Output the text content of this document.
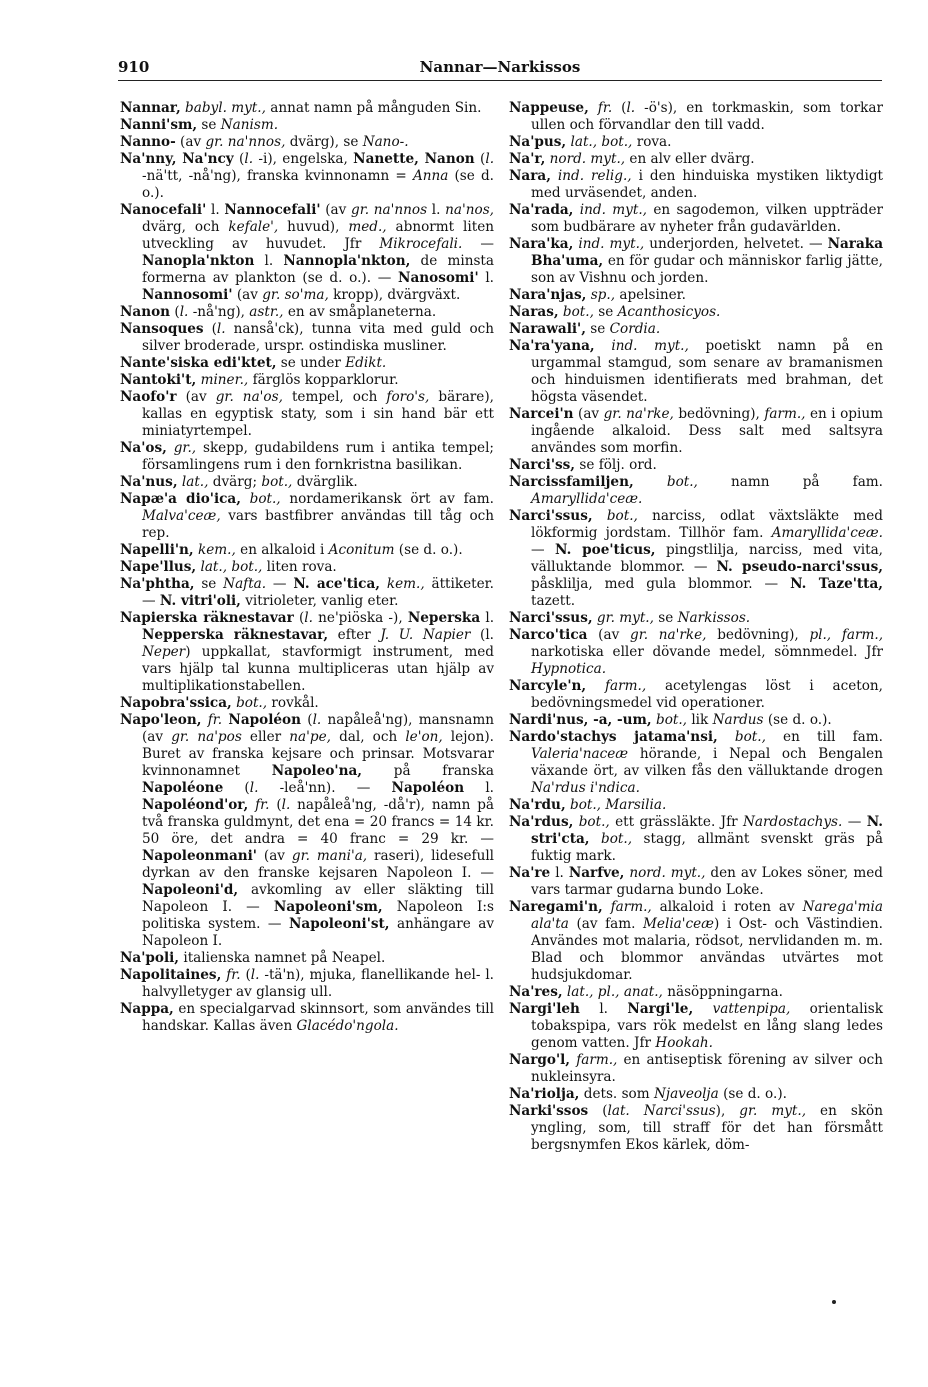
910	Nannar—Narkissos

Nannar, babyl. myt., annat namn på månguden Sin.

Nanni'sm, se Nanism.

Nanno- (av gr. na'nnos, dvärg), se Nano-.

Na'nny, Na'ncy (l. -i), engelska, Nanette, Nanon (l. -nä'tt, -nå'ng), franska kvinnonamn = Anna (se d. o.).

Nanocefali' l. Nannocefali' (av gr. na'nnos l. na'nos, dvärg, och kefale', huvud), med., abnormt liten utveckling av huvudet. Jfr Mikrocefali. — Nanopla'nkton l. Nannopla'nkton, de minsta formerna av plankton (se d. o.). — Nanosomi' l. Nannosomi' (av gr. so'ma, kropp), dvärgväxt.

Nanon (l. -nå'ng), astr., en av småplaneterna.

Nansoques (l. nanså'ck), tunna vita med guld och silver broderade, urspr. ostindiska musliner.

Nante'siska edi'ktet, se under Edikt.

Nantoki't, miner., färglös kopparklorur.

Naofo'r (av gr. na'os, tempel, och foro's, bärare), kallas en egyptisk staty, som i sin hand bär ett miniatyrtempel.

Na'os, gr., skepp, gudabildens rum i antika tempel; församlingens rum i den fornkristna basilikan.

Na'nus, lat., dvärg; bot., dvärglik.

Napæ'a dio'ica, bot., nordamerikansk ört av fam. Malva'ceæ, vars bastfibrer användas till tåg och rep.

Napelli'n, kem., en alkaloid i Aconitum (se d. o.).

Nape'llus, lat., bot., liten rova.

Na'phtha, se Nafta. — N. ace'tica, kem., ättiketer. — N. vitri'oli, vitrioleter, vanlig eter.

Napierska räknestavar (l. ne'piöska -), Neperska l. Nepperska räknestavar, efter J. U. Napier (l. Neper) uppkallat, stavformigt instrument, med vars hjälp tal kunna multipliceras utan hjälp av multiplikationstabellen.

Napobra'ssica, bot., rovkål.

Napo'leon, fr. Napoléon (l. napåleå'ng), mansnamn (av gr. na'pos eller na'pe, dal, och le'on, lejon). Buret av franska kejsare och prinsar. Motsvarar kvinnonamnet Napoleo'na, på franska Napoléone (l. -leå'nn). — Napoléon l. Napoléond'or, fr. (l. napåleå'ng, -då'r), namn på två franska guldmynt, det ena = 20 francs = 14 kr. 50 öre, det andra = 40 franc = 29 kr. — Napoleonmani' (av gr. mani'a, raseri), lidesefull dyrkan av den franske kejsaren Napoleon I. — Napoleoni'd, avkomling av eller släkting till Napoleon I. — Napoleoni'sm, Napoleon I:s politiska system. — Napoleoni'st, anhängare av Napoleon I.

Na'poli, italienska namnet på Neapel.

Napolitaines, fr. (l. -tä'n), mjuka, flanellikande hel- l. halvylletyger av glansig ull.

Nappa, en specialgarvad skinnsort, som användes till handskar. Kallas även Glacédo'ngola.

Nappeuse, fr. (l. -ö's), en torkmaskin, som torkar ullen och förvandlar den till vadd.

Na'pus, lat., bot., rova.

Na'r, nord. myt., en alv eller dvärg.

Nara, ind. relig., i den hinduiska mystiken liktydigt med urväsendet, anden.

Na'rada, ind. myt., en sagodemon, vilken uppträder som budbärare av nyheter från gudavärlden.

Nara'ka, ind. myt., underjorden, helvetet. — Naraka Bha'uma, en för gudar och människor farlig jätte, son av Vishnu och jorden.

Nara'njas, sp., apelsiner.

Naras, bot., se Acanthosicyos.

Narawali', se Cordia.

Na'ra'yana, ind. myt., poetiskt namn på en urgammal stamgud, som senare av bramanismen och hinduismen identifierats med brahman, det högsta väsendet.

Narcei'n (av gr. na'rke, bedövning), farm., en i opium ingående alkaloid. Dess salt med saltsyra användes som morfin.

Narci'ss, se följ. ord.

Narcissfamiljen, bot., namn på fam. Amaryllida'ceæ.

Narci'ssus, bot., narciss, odlat växtsläkte med lökformig jordstam. Tillhör fam. Amaryllida'ceæ. — N. poe'ticus, pingstlilja, narciss, med vita, välluktande blommor. — N. pseudo-narci'ssus, påsklilja, med gula blommor. — N. Taze'tta, tazett.

Narci'ssus, gr. myt., se Narkissos.

Narco'tica (av gr. na'rke, bedövning), pl., farm., narkotiska eller dövande medel, sömnmedel. Jfr Hypnotica.

Narcyle'n, farm., acetylengas löst i aceton, bedövningsmedel vid operationer.

Nardi'nus, -a, -um, bot., lik Nardus (se d. o.).

Nardo'stachys jatama'nsi, bot., en till fam. Valeria'naceæ hörande, i Nepal och Bengalen växande ört, av vilken fås den välluktande drogen Na'rdus i'ndica.

Na'rdu, bot., Marsilia.

Na'rdus, bot., ett grässläkte. Jfr Nardostachys. — N. stri'cta, bot., stagg, allmänt svenskt gräs på fuktig mark.

Na're l. Narfve, nord. myt., den av Lokes söner, med vars tarmar gudarna bundo Loke.

Naregami'n, farm., alkaloid i roten av Narega'mia ala'ta (av fam. Melia'ceæ) i Ost- och Västindien. Användes mot malaria, rödsot, nervlidanden m. m. Blad och blommor användas utvärtes mot hudsjukdomar.

Na'res, lat., pl., anat., näsöppningarna.

Nargi'leh l. Nargi'le, vattenpipa, orientalisk tobakspipa, vars rök medelst en lång slang ledes genom vatten. Jfr Hookah.

Nargo'l, farm., en antiseptisk förening av silver och nukleinsyra.

Na'riolja, dets. som Njaveolja (se d. o.).

Narki'ssos (lat. Narci'ssus), gr. myt., en skön yngling, som, till straff för det han försmått bergsnymfen Ekos kärlek, döm-
